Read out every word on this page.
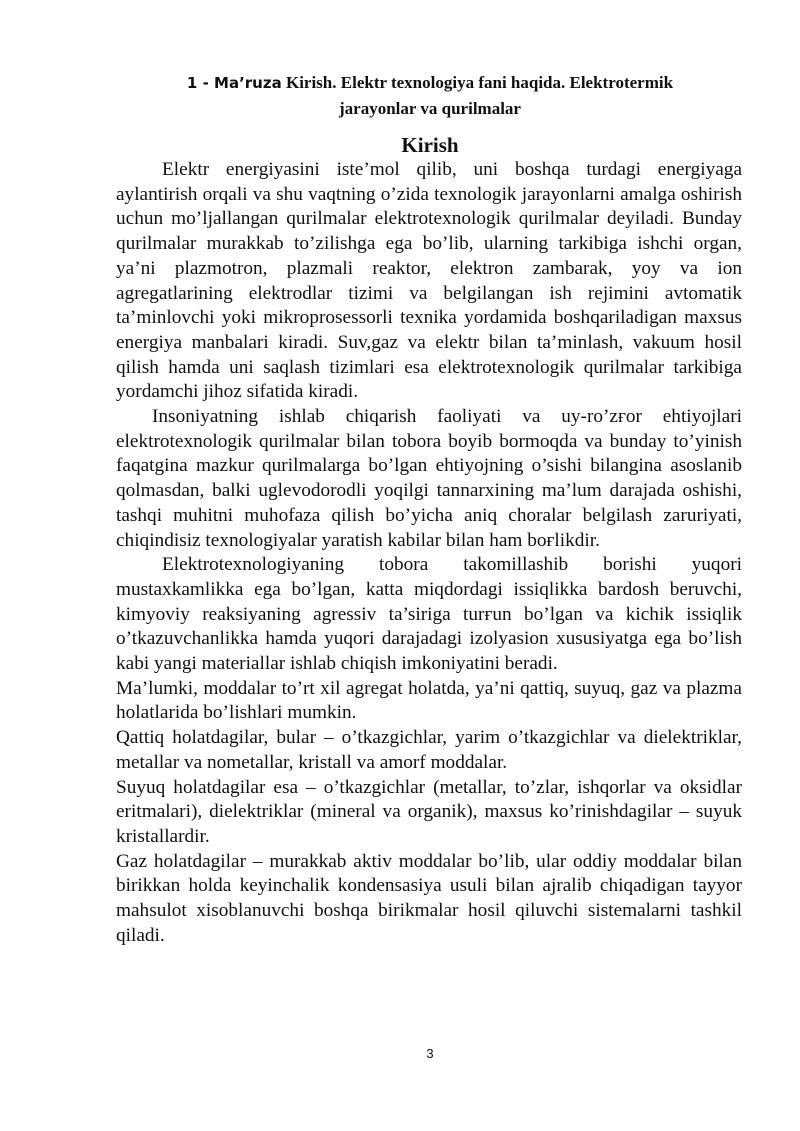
1 - Ma’ruza Kirish. Elektr texnologiya fani haqida. Elektrotermik
jarayonlar va qurilmalar
Kirish

Elektr energiyasini iste’mol qilib, uni boshqa turdagi energiyaga aylantirish orqali va shu vaqtning o’zida texnologik jarayonlarni amalga oshirish uchun mo’ljallangan qurilmalar elektrotexnologik qurilmalar deyiladi. Bunday qurilmalar murakkab to’zilishga ega bo’lib, ularning tarkibiga ishchi organ, ya’ni plazmotron, plazmali reaktor, elektron zambarak, yoy va ion agregatlarining elektrodlar tizimi va belgilangan ish rejimini avtomatik ta’minlovchi yoki mikroprosessorli texnika yordamida boshqariladigan maxsus energiya manbalari kiradi. Suv,gaz va elektr bilan ta’minlash, vakuum hosil qilish hamda uni saqlash tizimlari esa elektrotexnologik qurilmalar tarkibiga yordamchi jihoz sifatida kiradi.

Insoniyatning ishlab chiqarish faoliyati va uy-ro’zғor ehtiyojlari elektrotexnologik qurilmalar bilan tobora boyib bormoqda va bunday to’yinish faqatgina mazkur qurilmalarga bo’lgan ehtiyojning o’sishi bilangina asoslanib qolmasdan, balki uglevodorodli yoqilgi tannarxining ma’lum darajada oshishi, tashqi muhitni muhofaza qilish bo’yicha aniq choralar belgilash zaruriyati, chiqindisiz texnologiyalar yaratish kabilar bilan ham boғlikdir.

Elektrotexnologiyaning tobora takomillashib borishi yuqori mustaxkamlikka ega bo’lgan, katta miqdordagi issiqlikka bardosh beruvchi, kimyoviy reaksiyaning agressiv ta’siriga turғun bo’lgan va kichik issiqlik o’tkazuvchanlikka hamda yuqori darajadagi izolyasion xususiyatga ega bo’lish kabi yangi materiallar ishlab chiqish imkoniyatini beradi.

Ma’lumki, moddalar to’rt xil agregat holatda, ya’ni qattiq, suyuq, gaz va plazma holatlarida bo’lishlari mumkin.

Qattiq holatdagilar, bular – o’tkazgichlar, yarim o’tkazgichlar va dielektriklar, metallar va nometallar, kristall va amorf moddalar.

Suyuq holatdagilar esa – o’tkazgichlar (metallar, to’zlar, ishqorlar va oksidlar eritmalari), dielektriklar (mineral va organik), maxsus ko’rinishdagilar – suyuk kristallardir.

Gaz holatdagilar – murakkab aktiv moddalar bo’lib, ular oddiy moddalar bilan birikkan holda keyinchalik kondensasiya usuli bilan ajralib chiqadigan tayyor mahsulot xisoblanuvchi boshqa birikmalar hosil qiluvchi sistemalarni tashkil qiladi.

3
